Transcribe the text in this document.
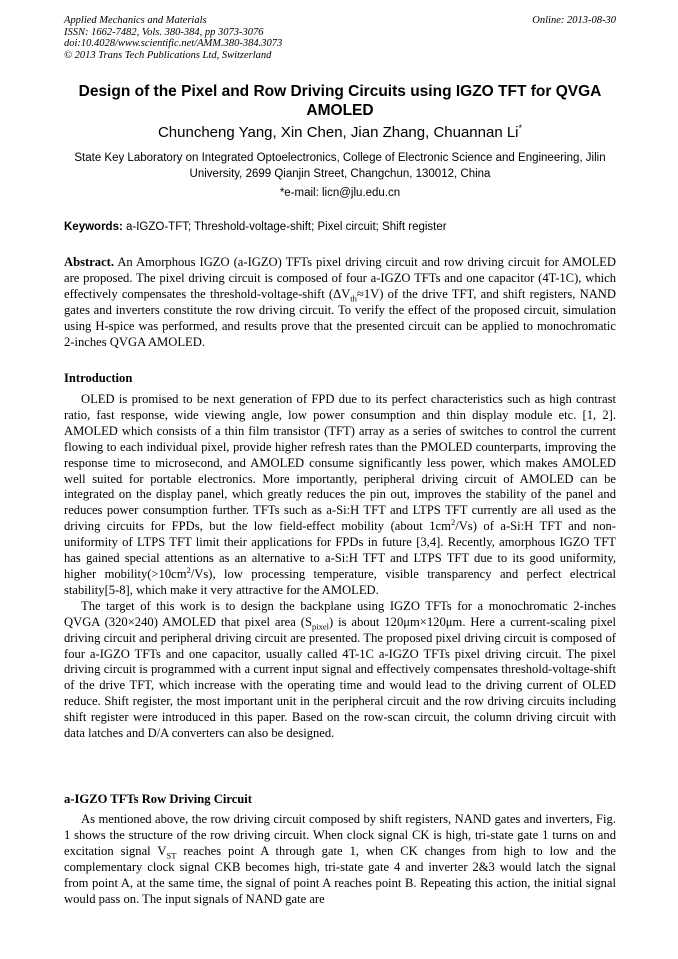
Applied Mechanics and Materials
ISSN: 1662-7482, Vols. 380-384, pp 3073-3076
doi:10.4028/www.scientific.net/AMM.380-384.3073
© 2013 Trans Tech Publications Ltd, Switzerland
Online: 2013-08-30
Design of the Pixel and Row Driving Circuits using IGZO TFT for QVGA AMOLED
Chuncheng Yang, Xin Chen, Jian Zhang, Chuannan Li*
State Key Laboratory on Integrated Optoelectronics, College of Electronic Science and Engineering, Jilin University, 2699 Qianjin Street, Changchun, 130012, China
*e-mail: licn@jlu.edu.cn
Keywords: a-IGZO-TFT; Threshold-voltage-shift; Pixel circuit; Shift register

Abstract. An Amorphous IGZO (a-IGZO) TFTs pixel driving circuit and row driving circuit for AMOLED are proposed. The pixel driving circuit is composed of four a-IGZO TFTs and one capacitor (4T-1C), which effectively compensates the threshold-voltage-shift $(\Delta V_{th}\approx 1V)$ of the drive TFT, and shift registers, NAND gates and inverters constitute the row driving circuit. To verify the effect of the proposed circuit, simulation using H-spice was performed, and results prove that the presented circuit can be applied to monochromatic 2-inches QVGA AMOLED.

Introduction

OLED is promised to be next generation of FPD due to its perfect characteristics such as high contrast ratio, fast response, wide viewing angle, low power consumption and thin display module etc. [1, 2]. AMOLED which consists of a thin film transistor (TFT) array as a series of switches to control the current flowing to each individual pixel, provide higher refresh rates than the PMOLED counterparts, improving the response time to microsecond, and AMOLED consume significantly less power, which makes AMOLED well suited for portable electronics. More importantly, peripheral driving circuit of AMOLED can be integrated on the display panel, which greatly reduces the pin out, improves the stability of the panel and reduces power consumption further. TFTs such as a-Si:H TFT and LTPS TFT currently are all used as the driving circuits for FPDs, but the low field-effect mobility (about $1cm^2/Vs$) of a-Si:H TFT and non-uniformity of LTPS TFT limit their applications for FPDs in future [3,4]. Recently, amorphous IGZO TFT has gained special attentions as an alternative to a-Si:H TFT and LTPS TFT due to its good uniformity, higher $mobility(>10cm^2/Vs)$, low processing temperature, visible transparency and perfect electrical stability[5-8], which make it very attractive for the AMOLED.

The target of this work is to design the backplane using IGZO TFTs for a monochromatic 2-inches QVGA (320×240) AMOLED that pixel area $(S_{pixel})$ is about 120μm×120μm. Here a current-scaling pixel driving circuit and peripheral driving circuit are presented. The proposed pixel driving circuit is composed of four a-IGZO TFTs and one capacitor, usually called 4T-1C a-IGZO TFTs pixel driving circuit. The pixel driving circuit is programmed with a current input signal and effectively compensates threshold-voltage-shift of the drive TFT, which increase with the operating time and would lead to the driving current of OLED reduce. Shift register, the most important unit in the peripheral circuit and the row driving circuits including shift register were introduced in this paper. Based on the row-scan circuit, the column driving circuit with data latches and D/A converters can also be designed.

a-IGZO TFTs Row Driving Circuit

As mentioned above, the row driving circuit composed by shift registers, NAND gates and inverters, Fig. 1 shows the structure of the row driving circuit. When clock signal CK is high, tri-state gate 1 turns on and excitation signal $V_{ST}$ reaches point A through gate 1, when CK changes from high to low and the complementary clock signal CKB becomes high, tri-state gate 4 and inverter 2&3 would latch the signal from point A, at the same time, the signal of point A reaches point B. Repeating this action, the initial signal would pass on. The input signals of NAND gate are
